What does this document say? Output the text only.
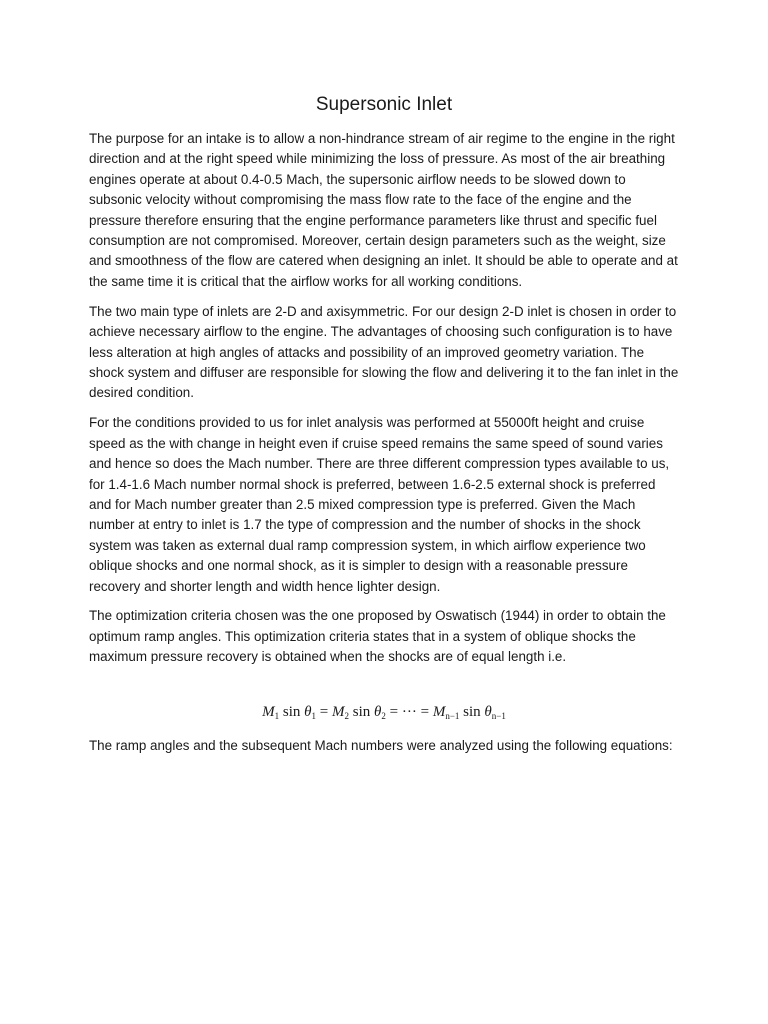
Supersonic Inlet

The purpose for an intake is to allow a non-hindrance stream of air regime to the engine in the right direction and at the right speed while minimizing the loss of pressure. As most of the air breathing engines operate at about 0.4-0.5 Mach, the supersonic airflow needs to be slowed down to subsonic velocity without compromising the mass flow rate to the face of the engine and the pressure therefore ensuring that the engine performance parameters like thrust and specific fuel consumption are not compromised. Moreover, certain design parameters such as the weight, size and smoothness of the flow are catered when designing an inlet. It should be able to operate and at the same time it is critical that the airflow works for all working conditions.

The two main type of inlets are 2-D and axisymmetric. For our design 2-D inlet is chosen in order to achieve necessary airflow to the engine. The advantages of choosing such configuration is to have less alteration at high angles of attacks and possibility of an improved geometry variation. The shock system and diffuser are responsible for slowing the flow and delivering it to the fan inlet in the desired condition.

For the conditions provided to us for inlet analysis was performed at 55000ft height and cruise speed as the with change in height even if cruise speed remains the same speed of sound varies and hence so does the Mach number. There are three different compression types available to us, for 1.4-1.6 Mach number normal shock is preferred, between 1.6-2.5 external shock is preferred and for Mach number greater than 2.5 mixed compression type is preferred. Given the Mach number at entry to inlet is 1.7 the type of compression and the number of shocks in the shock system was taken as external dual ramp compression system, in which airflow experience two oblique shocks and one normal shock, as it is simpler to design with a reasonable pressure recovery and shorter length and width hence lighter design.

The optimization criteria chosen was the one proposed by Oswatisch (1944) in order to obtain the optimum ramp angles. This optimization criteria states that in a system of oblique shocks the maximum pressure recovery is obtained when the shocks are of equal length i.e.

$M_1$ $\sin \theta_1 = M_2$ $\sin \theta_2$ = ··· = $M_{n-1}$ $\sin \theta_{n-1}$

The ramp angles and the subsequent Mach numbers were analyzed using the following equations:
